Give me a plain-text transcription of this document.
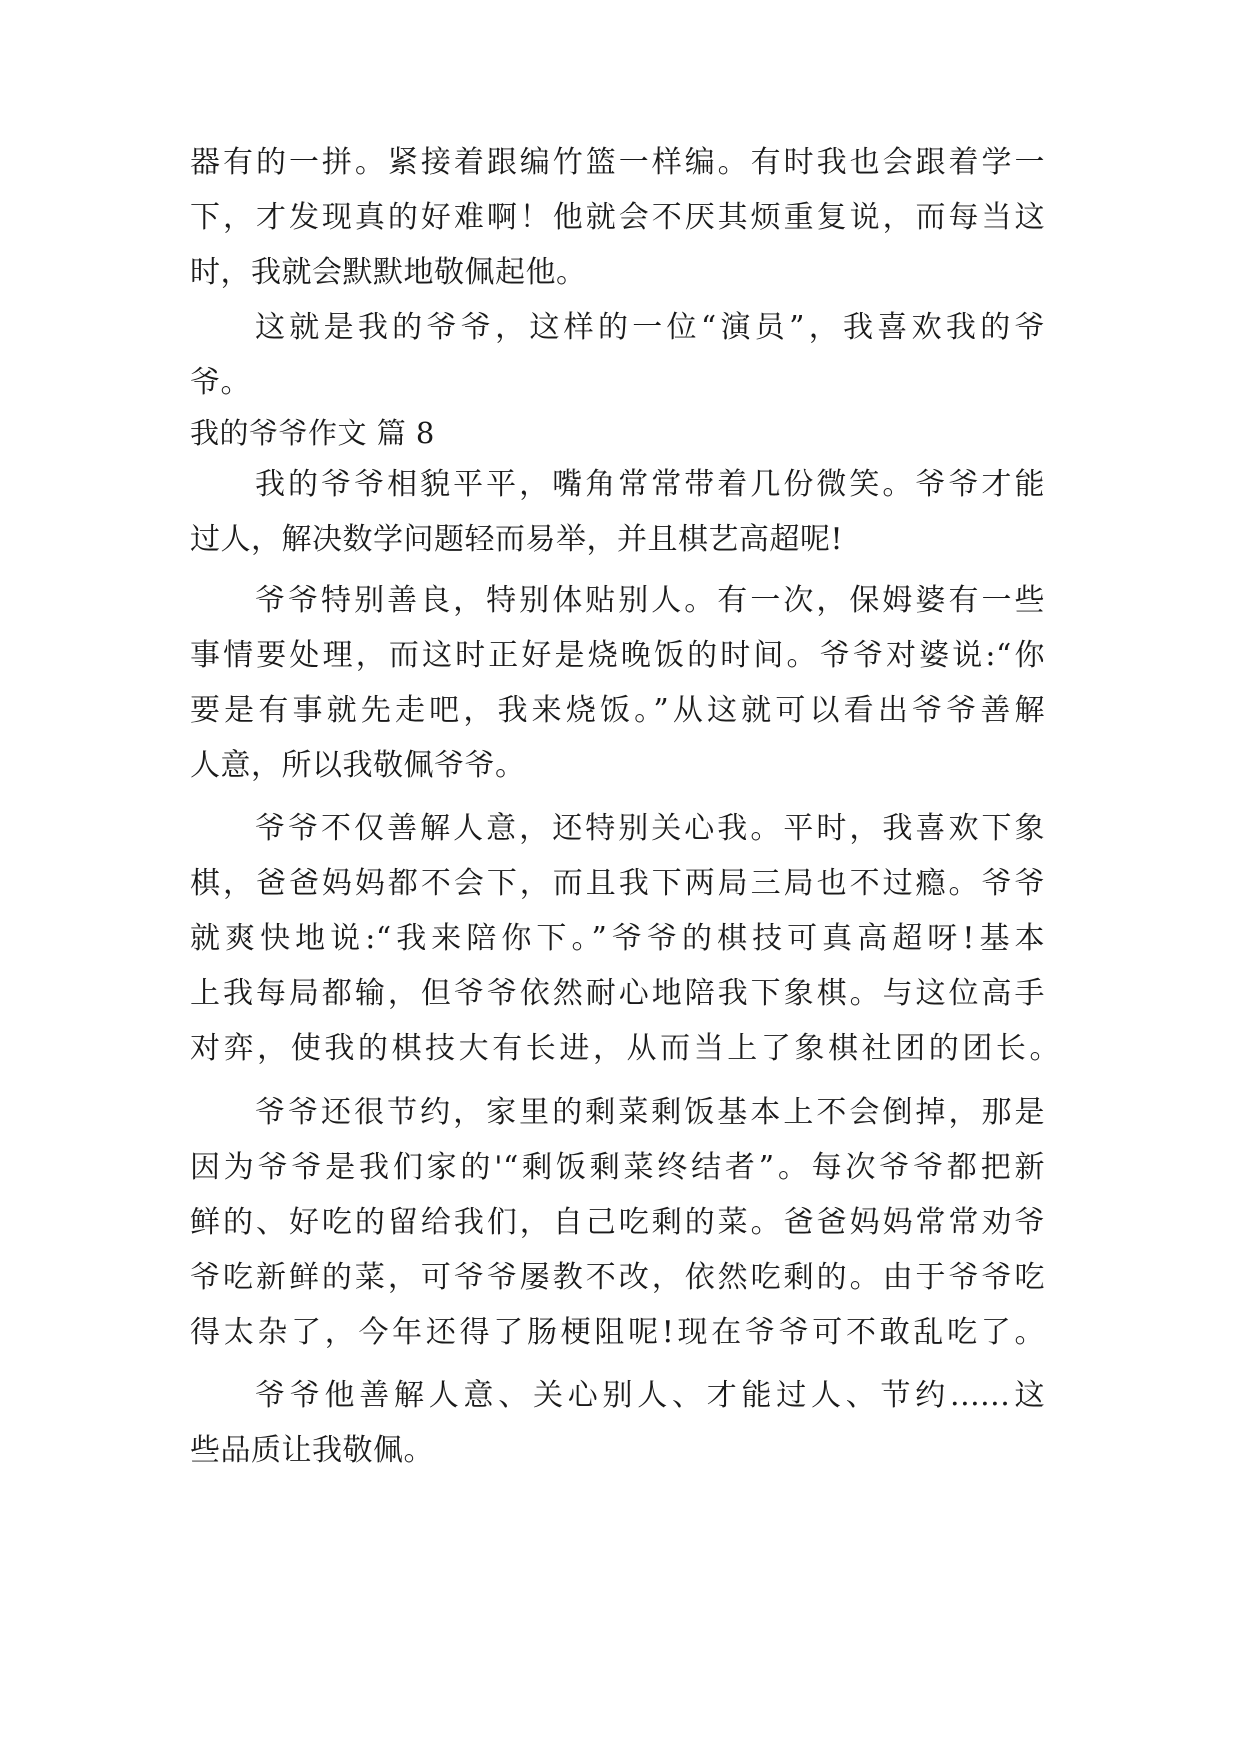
器有的一拼。紧接着跟编竹篮一样编。有时我也会跟着学一
下，才发现真的好难啊！他就会不厌其烦重复说，而每当这
时，我就会默默地敬佩起他。
这就是我的爷爷，这样的一位“演员”，我喜欢我的爷
爷。
我的爷爷作文 篇 8
我的爷爷相貌平平，嘴角常常带着几份微笑。爷爷才能
过人，解决数学问题轻而易举，并且棋艺高超呢!
爷爷特别善良，特别体贴别人。有一次，保姆婆有一些
事情要处理，而这时正好是烧晚饭的时间。爷爷对婆说:“你
要是有事就先走吧，我来烧饭。”从这就可以看出爷爷善解
人意，所以我敬佩爷爷。
爷爷不仅善解人意，还特别关心我。平时，我喜欢下象
棋，爸爸妈妈都不会下，而且我下两局三局也不过瘾。爷爷
就爽快地说:“我来陪你下。”爷爷的棋技可真高超呀!基本
上我每局都输，但爷爷依然耐心地陪我下象棋。与这位高手
对弈，使我的棋技大有长进，从而当上了象棋社团的团长。
爷爷还很节约，家里的剩菜剩饭基本上不会倒掉，那是
因为爷爷是我们家的'“剩饭剩菜终结者”。每次爷爷都把新
鲜的、好吃的留给我们，自己吃剩的菜。爸爸妈妈常常劝爷
爷吃新鲜的菜，可爷爷屡教不改，依然吃剩的。由于爷爷吃
得太杂了，今年还得了肠梗阻呢!现在爷爷可不敢乱吃了。
爷爷他善解人意、关心别人、才能过人、节约......这
些品质让我敬佩。
